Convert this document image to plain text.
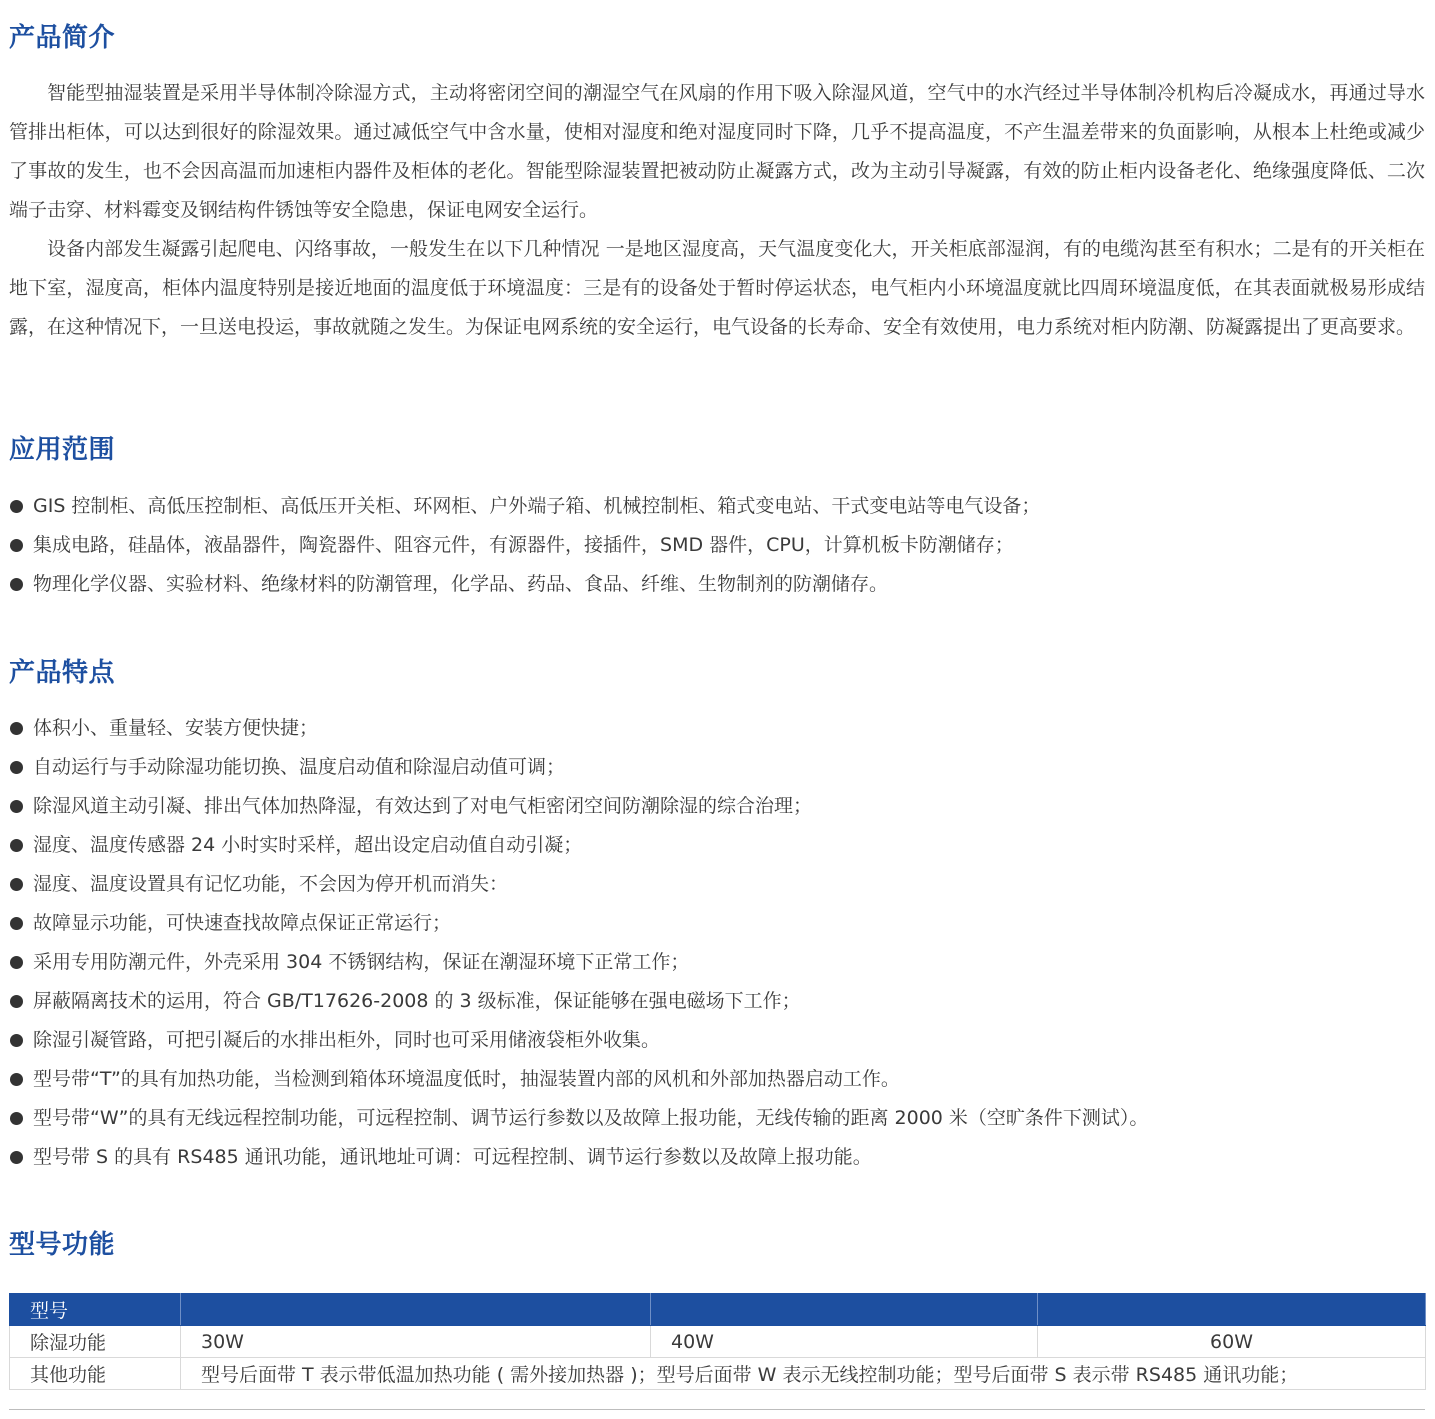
产品简介

智能型抽湿装置是采用半导体制冷除湿方式，主动将密闭空间的潮湿空气在风扇的作用下吸入除湿风道，空气中的水汽经过半导体制冷机构后冷凝成水，再通过导水管排出柜体，可以达到很好的除湿效果。通过减低空气中含水量，使相对湿度和绝对湿度同时下降，几乎不提高温度，不产生温差带来的负面影响，从根本上杜绝或减少了事故的发生，也不会因高温而加速柜内器件及柜体的老化。智能型除湿装置把被动防止凝露方式，改为主动引导凝露，有效的防止柜内设备老化、绝缘强度降低、二次端子击穿、材料霉变及钢结构件锈蚀等安全隐患，保证电网安全运行。

设备内部发生凝露引起爬电、闪络事故，一般发生在以下几种情况 一是地区湿度高，天气温度变化大，开关柜底部湿润，有的电缆沟甚至有积水；二是有的开关柜在地下室，湿度高，柜体内温度特别是接近地面的温度低于环境温度：三是有的设备处于暂时停运状态，电气柜内小环境温度就比四周环境温度低，在其表面就极易形成结露，在这种情况下，一旦送电投运，事故就随之发生。为保证电网系统的安全运行，电气设备的长寿命、安全有效使用，电力系统对柜内防潮、防凝露提出了更高要求。

应用范围
GIS 控制柜、高低压控制柜、高低压开关柜、环网柜、户外端子箱、机械控制柜、箱式变电站、干式变电站等电气设备；
集成电路，硅晶体，液晶器件，陶瓷器件、阻容元件，有源器件，接插件，SMD 器件，CPU，计算机板卡防潮储存；
物理化学仪器、实验材料、绝缘材料的防潮管理，化学品、药品、食品、纤维、生物制剂的防潮储存。
产品特点
体积小、重量轻、安装方便快捷；
自动运行与手动除湿功能切换、温度启动值和除湿启动值可调；
除湿风道主动引凝、排出气体加热降湿，有效达到了对电气柜密闭空间防潮除湿的综合治理；
湿度、温度传感器 24 小时实时采样，超出设定启动值自动引凝；
湿度、温度设置具有记忆功能，不会因为停开机而消失：
故障显示功能，可快速查找故障点保证正常运行；
采用专用防潮元件，外壳采用 304 不锈钢结构，保证在潮湿环境下正常工作；
屏蔽隔离技术的运用，符合 GB/T17626-2008 的 3 级标准，保证能够在强电磁场下工作；
除湿引凝管路，可把引凝后的水排出柜外，同时也可采用储液袋柜外收集。
型号带“T”的具有加热功能，当检测到箱体环境温度低时，抽湿装置内部的风机和外部加热器启动工作。
型号带“W”的具有无线远程控制功能，可远程控制、调节运行参数以及故障上报功能，无线传输的距离 2000 米（空旷条件下测试）。
型号带 S 的具有 RS485 通讯功能，通讯地址可调：可远程控制、调节运行参数以及故障上报功能。
型号功能
型号			
除湿功能	30W	40W	60W
其他功能	型号后面带 T 表示带低温加热功能 ( 需外接加热器 )；型号后面带 W 表示无线控制功能；型号后面带 S 表示带 RS485 通讯功能；		
